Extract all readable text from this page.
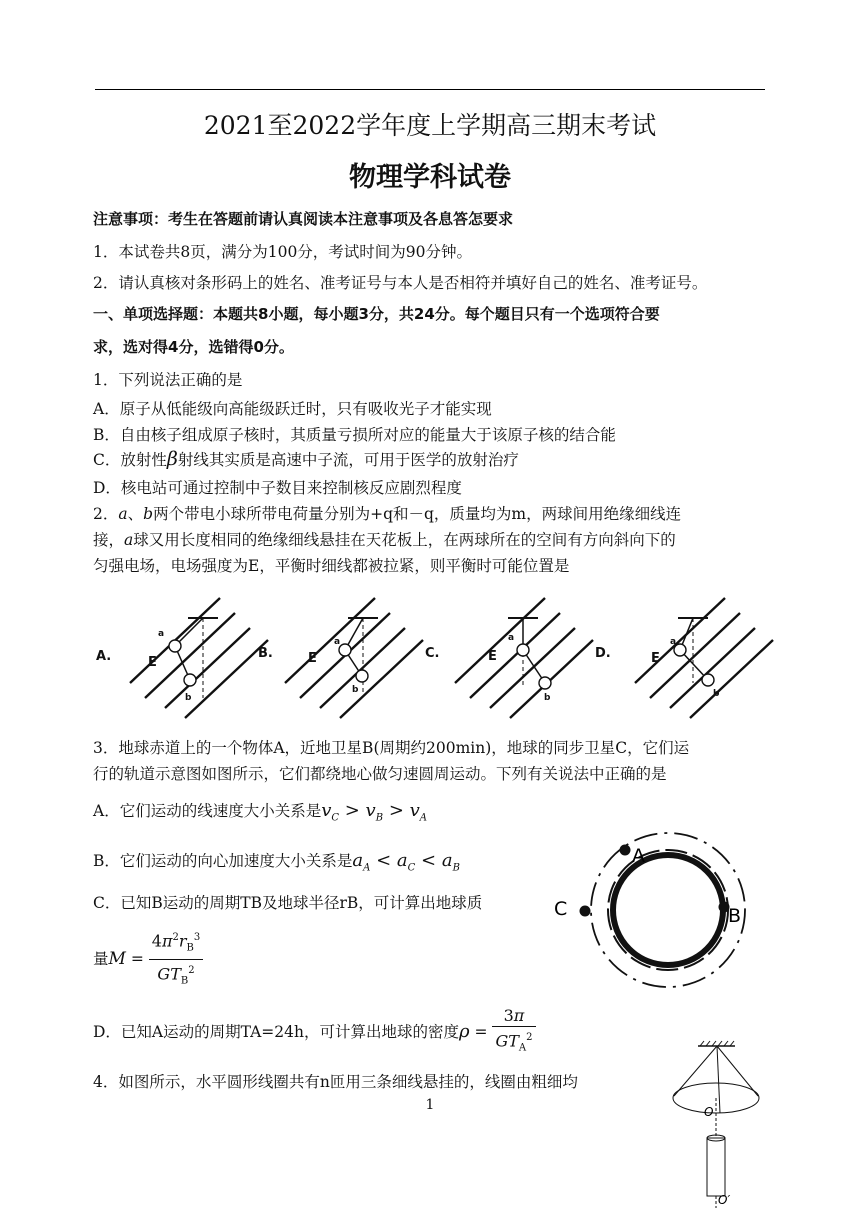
2021至2022学年度上学期高三期末考试
物理学科试卷
注意事项：考生在答题前请认真阅读本注意事项及各息答怎要求
1．本试卷共8页，满分为100分，考试时间为90分钟。
2．请认真核对条形码上的姓名、准考证号与本人是否相符并填好自己的姓名、准考证号。
一、单项选择题：本题共8小题，每小题3分，共24分。每个题目只有一个选项符合要
求，选对得4分，选错得0分。
1．下列说法正确的是
A．原子从低能级向高能级跃迁时，只有吸收光子才能实现
B．自由核子组成原子核时，其质量亏损所对应的能量大于该原子核的结合能
C．放射性β射线其实质是高速中子流，可用于医学的放射治疗
D．核电站可通过控制中子数目来控制核反应剧烈程度
2．a、b两个带电小球所带电荷量分别为+q和－q，质量均为m，两球间用绝缘细线连
接，a球又用长度相同的绝缘细线悬挂在天花板上，在两球所在的空间有方向斜向下的
匀强电场，电场强度为E，平衡时细线都被拉紧，则平衡时可能位置是
A.	B.	C.	D.
E	E	E	E
a
b
a
b
a
b
a
b
3．地球赤道上的一个物体A，近地卫星B(周期约200min)，地球的同步卫星C，它们运
行的轨道示意图如图所示，它们都绕地心做匀速圆周运动。下列有关说法中正确的是
A．它们运动的线速度大小关系是$v_C > v_B > v_A$
B．它们运动的向心加速度大小关系是$a_A < a_C < a_B$
C．已知B运动的周期TB及地球半径rB，可计算出地球质
量$M = \frac{4\pi^2r_B^3}{GT_B^2}$
D．已知A运动的周期TA=24h，可计算出地球的密度$\rho = \frac{3\pi}{GT_A^2}$
A
B
C
4．如图所示，水平圆形线圈共有n匝用三条细线悬挂的，线圈由粗细均
O
O′
1
